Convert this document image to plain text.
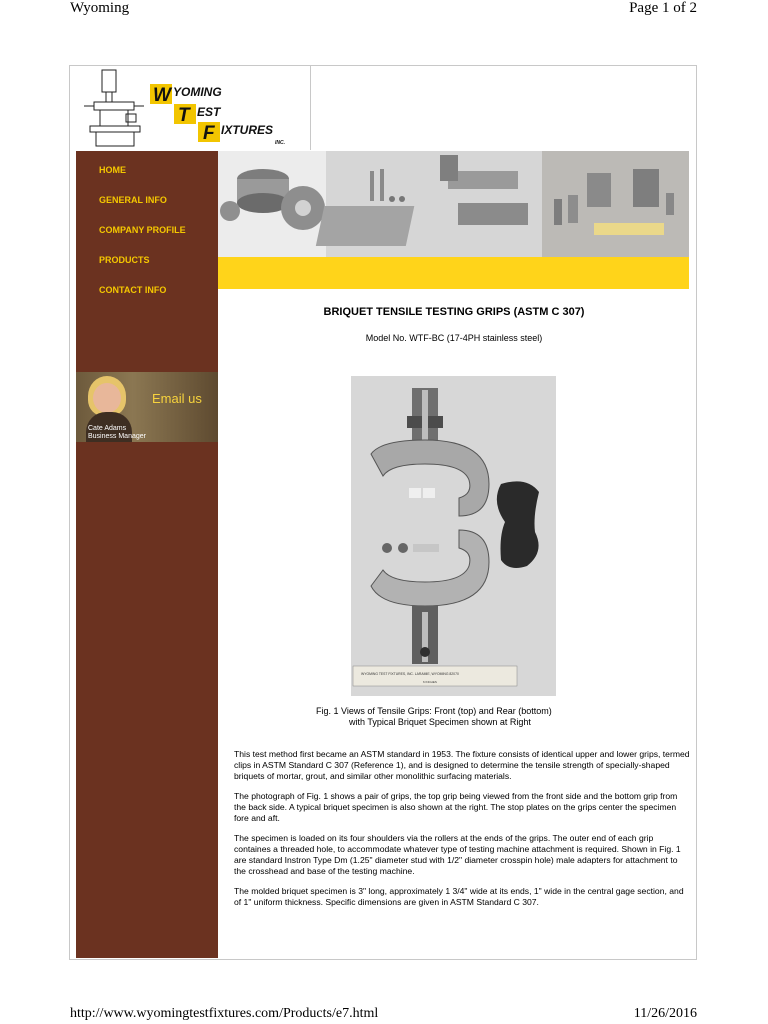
Wyoming	Page 1 of 2
W
T
F
YOMING
EST
IXTURES
INC.
HOME
GENERAL INFO
COMPANY PROFILE
PRODUCTS
CONTACT INFO
Email us
Cate Adams
Business Manager
BRIQUET TENSILE TESTING GRIPS (ASTM C 307)
Model No. WTF-BC (17-4PH stainless steel)
WYOMING TEST FIXTURES, INC. LARAMIE, WYOMING 82070
6 INCHES
Fig. 1 Views of Tensile Grips: Front (top) and Rear (bottom)
with Typical Briquet Specimen shown at Right

This test method first became an ASTM standard in 1953. The fixture consists of identical upper and lower grips, termed clips in ASTM Standard C 307 (Reference 1), and is designed to determine the tensile strength of specially-shaped briquets of mortar, grout, and similar other monolithic surfacing materials.

The photograph of Fig. 1 shows a pair of grips, the top grip being viewed from the front side and the bottom grip from the back side. A typical briquet specimen is also shown at the right. The stop plates on the grips center the specimen fore and aft.

The specimen is loaded on its four shoulders via the rollers at the ends of the grips. The outer end of each grip containes a threaded hole, to accommodate whatever type of testing machine attachment is required. Shown in Fig. 1 are standard Instron Type Dm (1.25" diameter stud with 1/2" diameter crosspin hole) male adapters for attachment to the crosshead and base of the testing machine.

The molded briquet specimen is 3" long, approximately 1 3/4" wide at its ends, 1" wide in the central gage section, and of 1" uniform thickness. Specific dimensions are given in ASTM Standard C 307.

http://www.wyomingtestfixtures.com/Products/e7.html	11/26/2016
